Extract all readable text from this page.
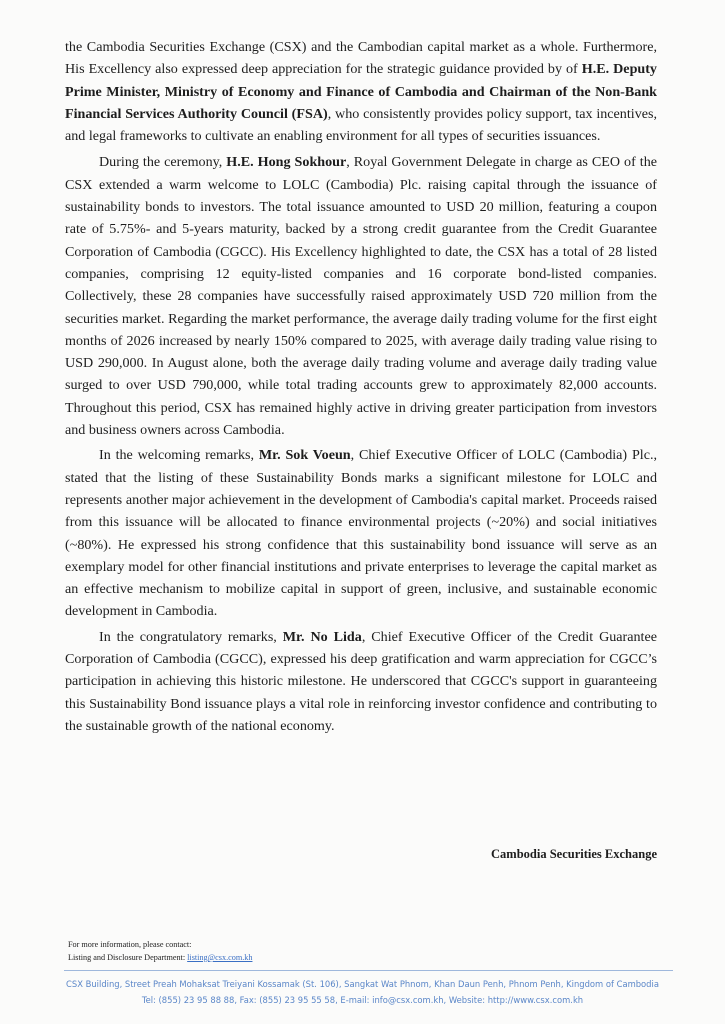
the Cambodia Securities Exchange (CSX) and the Cambodian capital market as a whole. Furthermore, His Excellency also expressed deep appreciation for the strategic guidance provided by of H.E. Deputy Prime Minister, Ministry of Economy and Finance of Cambodia and Chairman of the Non-Bank Financial Services Authority Council (FSA), who consistently provides policy support, tax incentives, and legal frameworks to cultivate an enabling environment for all types of securities issuances.

During the ceremony, H.E. Hong Sokhour, Royal Government Delegate in charge as CEO of the CSX extended a warm welcome to LOLC (Cambodia) Plc. raising capital through the issuance of sustainability bonds to investors. The total issuance amounted to USD 20 million, featuring a coupon rate of 5.75%- and 5-years maturity, backed by a strong credit guarantee from the Credit Guarantee Corporation of Cambodia (CGCC). His Excellency highlighted to date, the CSX has a total of 28 listed companies, comprising 12 equity-listed companies and 16 corporate bond-listed companies. Collectively, these 28 companies have successfully raised approximately USD 720 million from the securities market. Regarding the market performance, the average daily trading volume for the first eight months of 2026 increased by nearly 150% compared to 2025, with average daily trading value rising to USD 290,000. In August alone, both the average daily trading volume and average daily trading value surged to over USD 790,000, while total trading accounts grew to approximately 82,000 accounts. Throughout this period, CSX has remained highly active in driving greater participation from investors and business owners across Cambodia.

In the welcoming remarks, Mr. Sok Voeun, Chief Executive Officer of LOLC (Cambodia) Plc., stated that the listing of these Sustainability Bonds marks a significant milestone for LOLC and represents another major achievement in the development of Cambodia's capital market. Proceeds raised from this issuance will be allocated to finance environmental projects (~20%) and social initiatives (~80%). He expressed his strong confidence that this sustainability bond issuance will serve as an exemplary model for other financial institutions and private enterprises to leverage the capital market as an effective mechanism to mobilize capital in support of green, inclusive, and sustainable economic development in Cambodia.

In the congratulatory remarks, Mr. No Lida, Chief Executive Officer of the Credit Guarantee Corporation of Cambodia (CGCC), expressed his deep gratification and warm appreciation for CGCC’s participation in achieving this historic milestone. He underscored that CGCC's support in guaranteeing this Sustainability Bond issuance plays a vital role in reinforcing investor confidence and contributing to the sustainable growth of the national economy.

Cambodia Securities Exchange
For more information, please contact:
Listing and Disclosure Department: listing@csx.com.kh
CSX Building, Street Preah Mohaksat Treiyani Kossamak (St. 106), Sangkat Wat Phnom, Khan Daun Penh, Phnom Penh, Kingdom of Cambodia
Tel: (855) 23 95 88 88, Fax: (855) 23 95 55 58, E-mail: info@csx.com.kh, Website: http://www.csx.com.kh
